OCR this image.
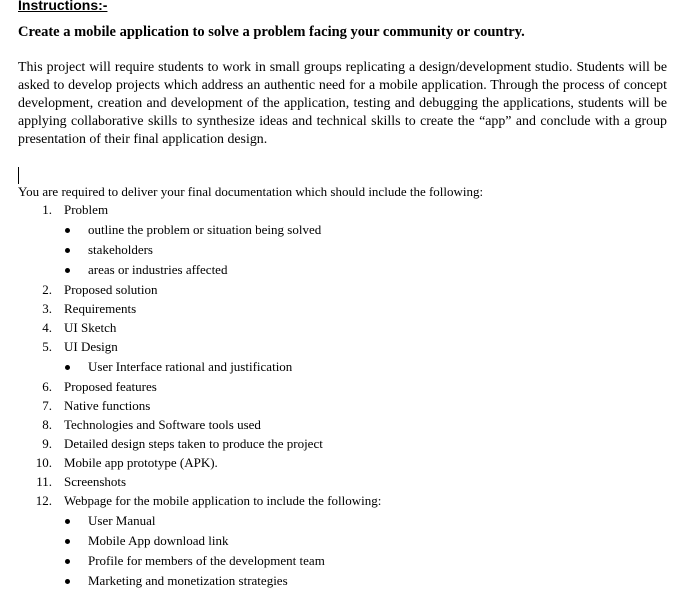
Instructions:-
Create a mobile application to solve a problem facing your community or country.

This project will require students to work in small groups replicating a design/development studio. Students will be asked to develop projects which address an authentic need for a mobile application. Through the process of concept development, creation and development of the application, testing and debugging the applications, students will be applying collaborative skills to synthesize ideas and technical skills to create the “app” and conclude with a group presentation of their final application design.

You are required to deliver your final documentation which should include the following:
1. Problem
outline the problem or situation being solved
stakeholders
areas or industries affected
2. Proposed solution
3. Requirements
4. UI Sketch
5. UI Design
User Interface rational and justification
6. Proposed features
7. Native functions
8. Technologies and Software tools used
9. Detailed design steps taken to produce the project
10. Mobile app prototype (APK).
11. Screenshots
12. Webpage for the mobile application to include the following:
User Manual
Mobile App download link
Profile for members of the development team
Marketing and monetization strategies
